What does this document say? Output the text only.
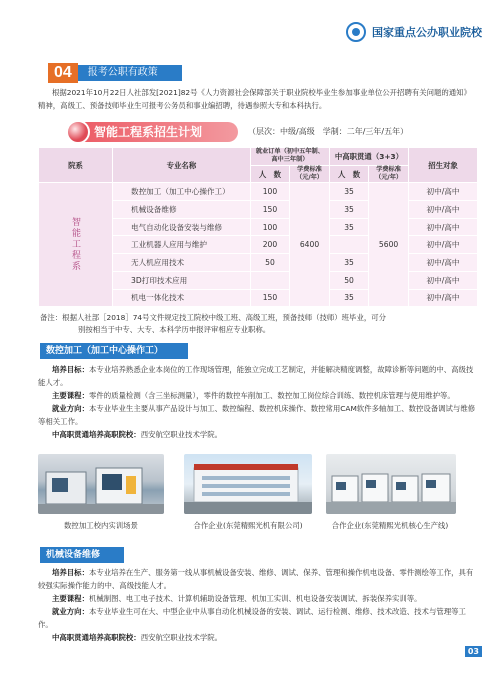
国家重点公办职业院校
04	报考公职有政策

根据2021年10月22日人社部发[2021]82号《人力资源社会保障部关于职业院校毕业生参加事业单位公开招聘有关问题的通知》精神，高级工、预备技师毕业生可报考公务员和事业编招聘，待遇参照大专和本科执行。

智能工程系招生计划	（层次：中级/高级　学制：二年/三年/五年）
院系	专业名称	就业订单（初中五年制、高中三年制）		中高职贯通（3+3）		招生对象
		人　数	学费标准（元/年）	人　数	学费标准（元/年）	
智能工程系	数控加工（加工中心操作工）	100	6400	35	5600	初中/高中
	机械设备维修	150		35		初中/高中
	电气自动化设备安装与维修	100		35		初中/高中
	工业机器人应用与维护	200				初中/高中
	无人机应用技术	50		35		初中/高中
	3D打印技术应用			50		初中/高中
	机电一体化技术	150		35		初中/高中
备注：根据人社部［2018］74号文件规定技工院校中级工班、高级工班，预备技师（技师）班毕业，可分
别按相当于中专、大专、本科学历申报评审相应专业职称。
数控加工（加工中心操作工）

培养目标：本专业培养熟悉企业本岗位的工作现场管理，能独立完成工艺制定，并能解决精度调整，故障诊断等问题的中、高级技能人才。

主要课程：零件的质量检测（含三坐标测量），零件的数控车削加工、数控加工岗位综合训练、数控机床管理与使用维护等。

就业方向：本专业毕业生主要从事产品设计与加工、数控编程、数控机床操作、数控常用CAM软件多轴加工、数控设备调试与维修等相关工作。

中高职贯通培养高职院校：西安航空职业技术学院。

数控加工校内实训场景	合作企业(东莞精熙光机有限公司)	合作企业(东莞精熙光机核心生产线)
机械设备维修

培养目标：本专业培养在生产、服务第一线从事机械设备安装、维修、调试、保养、管理和操作机电设备、零件测绘等工作，具有较强实际操作能力的中、高级技能人才。

主要课程：机械制图、电工电子技术、计算机辅助设备管理、机加工实训、机电设备安装调试、拆装保养实训等。

就业方向：本专业毕业生可在大、中型企业中从事自动化机械设备的安装、调试、运行检测、维修、技术改造、技术与管理等工作。

中高职贯通培养高职院校：西安航空职业技术学院。

03
